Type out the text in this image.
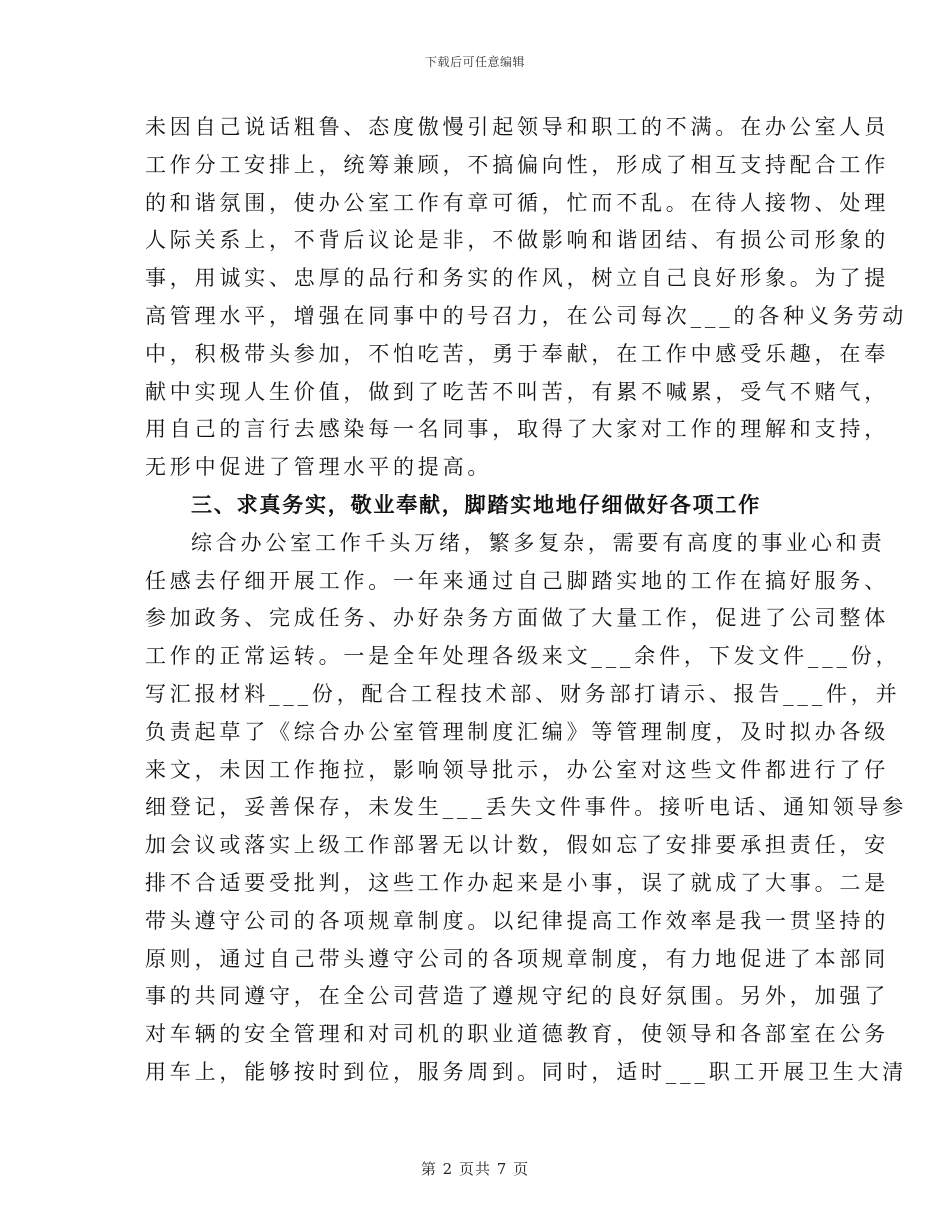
下载后可任意编辑
未因自己说话粗鲁、态度傲慢引起领导和职工的不满。在办公室人员
工作分工安排上，统筹兼顾，不搞偏向性，形成了相互支持配合工作
的和谐氛围，使办公室工作有章可循，忙而不乱。在待人接物、处理
人际关系上，不背后议论是非，不做影响和谐团结、有损公司形象的
事，用诚实、忠厚的品行和务实的作风，树立自己良好形象。为了提
高管理水平，增强在同事中的号召力，在公司每次___的各种义务劳动
中，积极带头参加，不怕吃苦，勇于奉献，在工作中感受乐趣，在奉
献中实现人生价值，做到了吃苦不叫苦，有累不喊累，受气不赌气，
用自己的言行去感染每一名同事，取得了大家对工作的理解和支持，
无形中促进了管理水平的提高。
三、求真务实，敬业奉献，脚踏实地地仔细做好各项工作
综合办公室工作千头万绪，繁多复杂，需要有高度的事业心和责
任感去仔细开展工作。一年来通过自己脚踏实地的工作在搞好服务、
参加政务、完成任务、办好杂务方面做了大量工作，促进了公司整体
工作的正常运转。一是全年处理各级来文___余件，下发文件___份，
写汇报材料___份，配合工程技术部、财务部打请示、报告___件，并
负责起草了《综合办公室管理制度汇编》等管理制度，及时拟办各级
来文，未因工作拖拉，影响领导批示，办公室对这些文件都进行了仔
细登记，妥善保存，未发生___丢失文件事件。接听电话、通知领导参
加会议或落实上级工作部署无以计数，假如忘了安排要承担责任，安
排不合适要受批判，这些工作办起来是小事，误了就成了大事。二是
带头遵守公司的各项规章制度。以纪律提高工作效率是我一贯坚持的
原则，通过自己带头遵守公司的各项规章制度，有力地促进了本部同
事的共同遵守，在全公司营造了遵规守纪的良好氛围。另外，加强了
对车辆的安全管理和对司机的职业道德教育，使领导和各部室在公务
用车上，能够按时到位，服务周到。同时，适时___职工开展卫生大清
第 2 页共 7 页
